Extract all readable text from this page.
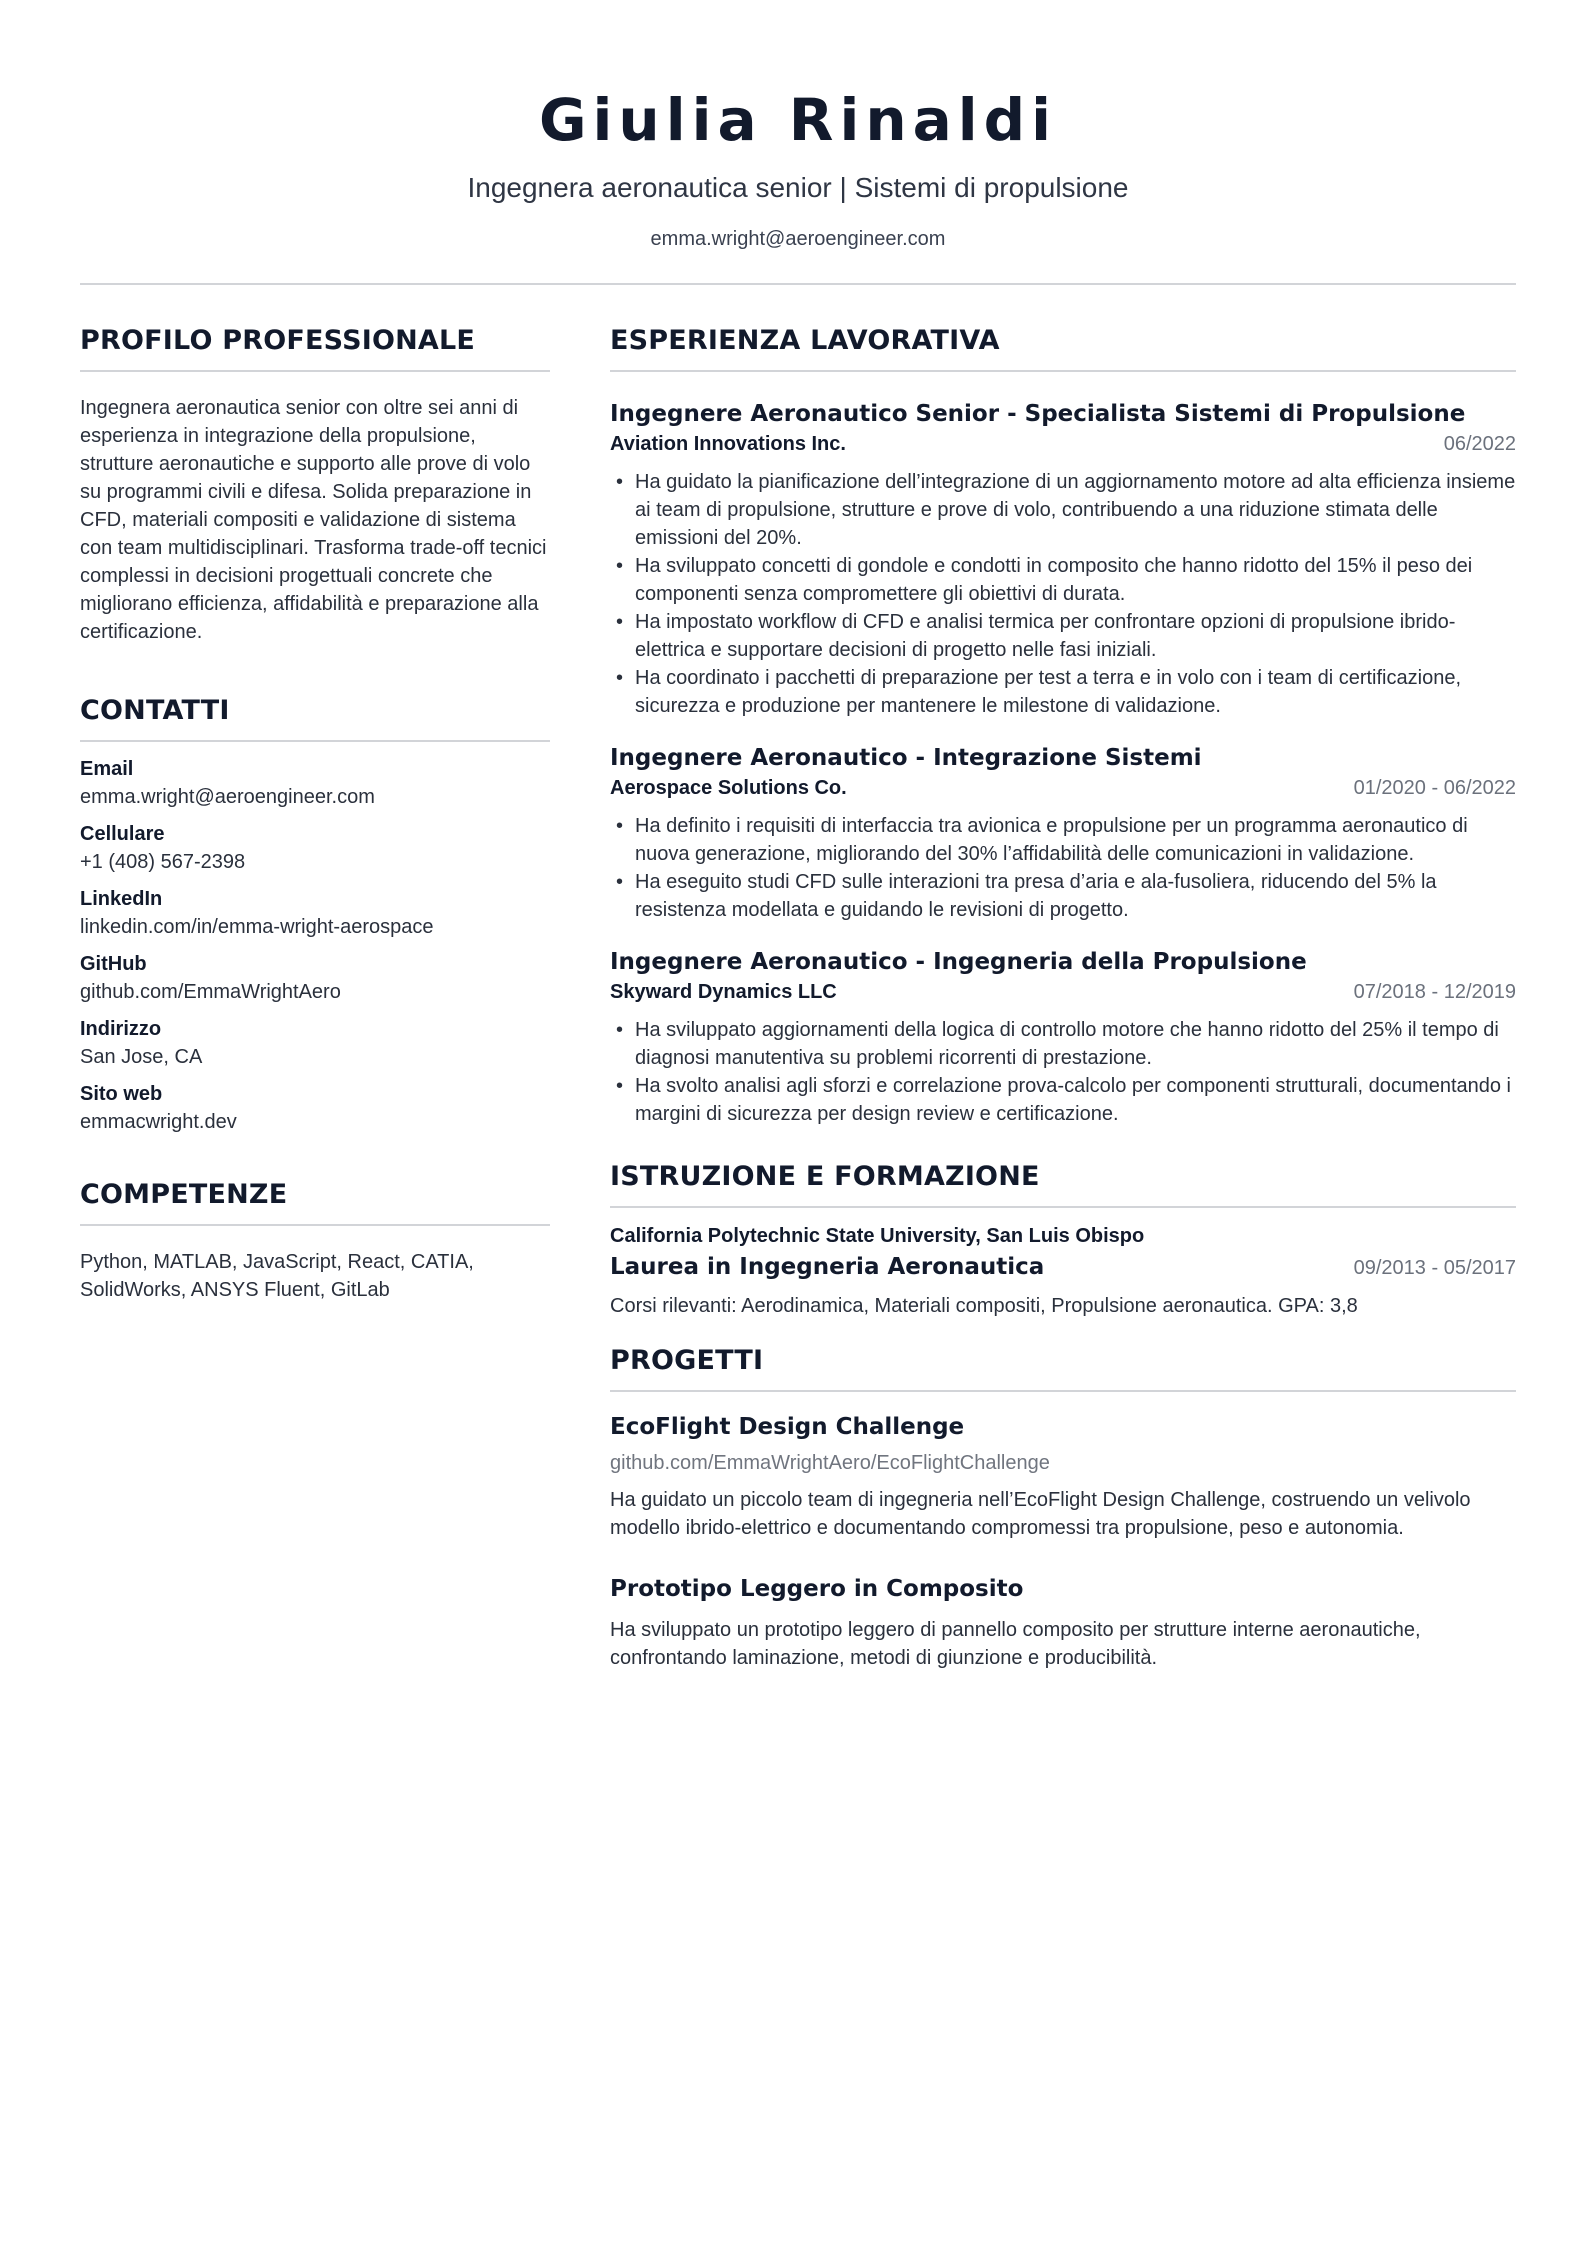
Giulia Rinaldi
Ingegnera aeronautica senior | Sistemi di propulsione
emma.wright@aeroengineer.com
PROFILO PROFESSIONALE
Ingegnera aeronautica senior con oltre sei anni di esperienza in integrazione della propulsione, strutture aeronautiche e supporto alle prove di volo su programmi civili e difesa. Solida preparazione in CFD, materiali compositi e validazione di sistema con team multidisciplinari. Trasforma trade-off tecnici complessi in decisioni progettuali concrete che migliorano efficienza, affidabilità e preparazione alla certificazione.
CONTATTI
Email
emma.wright@aeroengineer.com
Cellulare
+1 (408) 567-2398
LinkedIn
linkedin.com/in/emma-wright-aerospace
GitHub
github.com/EmmaWrightAero
Indirizzo
San Jose, CA
Sito web
emmacwright.dev
COMPETENZE
Python, MATLAB, JavaScript, React, CATIA, SolidWorks, ANSYS Fluent, GitLab
ESPERIENZA LAVORATIVA
Ingegnere Aeronautico Senior - Specialista Sistemi di Propulsione
Aviation Innovations Inc.	06/2022
• Ha guidato la pianificazione dell’integrazione di un aggiornamento motore ad alta efficienza insieme ai team di propulsione, strutture e prove di volo, contribuendo a una riduzione stimata delle emissioni del 20%.
• Ha sviluppato concetti di gondole e condotti in composito che hanno ridotto del 15% il peso dei componenti senza compromettere gli obiettivi di durata.
• Ha impostato workflow di CFD e analisi termica per confrontare opzioni di propulsione ibrido-elettrica e supportare decisioni di progetto nelle fasi iniziali.
• Ha coordinato i pacchetti di preparazione per test a terra e in volo con i team di certificazione, sicurezza e produzione per mantenere le milestone di validazione.
Ingegnere Aeronautico - Integrazione Sistemi
Aerospace Solutions Co.	01/2020 - 06/2022
• Ha definito i requisiti di interfaccia tra avionica e propulsione per un programma aeronautico di nuova generazione, migliorando del 30% l’affidabilità delle comunicazioni in validazione.
• Ha eseguito studi CFD sulle interazioni tra presa d’aria e ala-fusoliera, riducendo del 5% la resistenza modellata e guidando le revisioni di progetto.
Ingegnere Aeronautico - Ingegneria della Propulsione
Skyward Dynamics LLC	07/2018 - 12/2019
• Ha sviluppato aggiornamenti della logica di controllo motore che hanno ridotto del 25% il tempo di diagnosi manutentiva su problemi ricorrenti di prestazione.
• Ha svolto analisi agli sforzi e correlazione prova-calcolo per componenti strutturali, documentando i margini di sicurezza per design review e certificazione.
ISTRUZIONE E FORMAZIONE
California Polytechnic State University, San Luis Obispo
Laurea in Ingegneria Aeronautica	09/2013 - 05/2017
Corsi rilevanti: Aerodinamica, Materiali compositi, Propulsione aeronautica. GPA: 3,8
PROGETTI
EcoFlight Design Challenge
github.com/EmmaWrightAero/EcoFlightChallenge
Ha guidato un piccolo team di ingegneria nell’EcoFlight Design Challenge, costruendo un velivolo modello ibrido-elettrico e documentando compromessi tra propulsione, peso e autonomia.
Prototipo Leggero in Composito
Ha sviluppato un prototipo leggero di pannello composito per strutture interne aeronautiche, confrontando laminazione, metodi di giunzione e producibilità.
